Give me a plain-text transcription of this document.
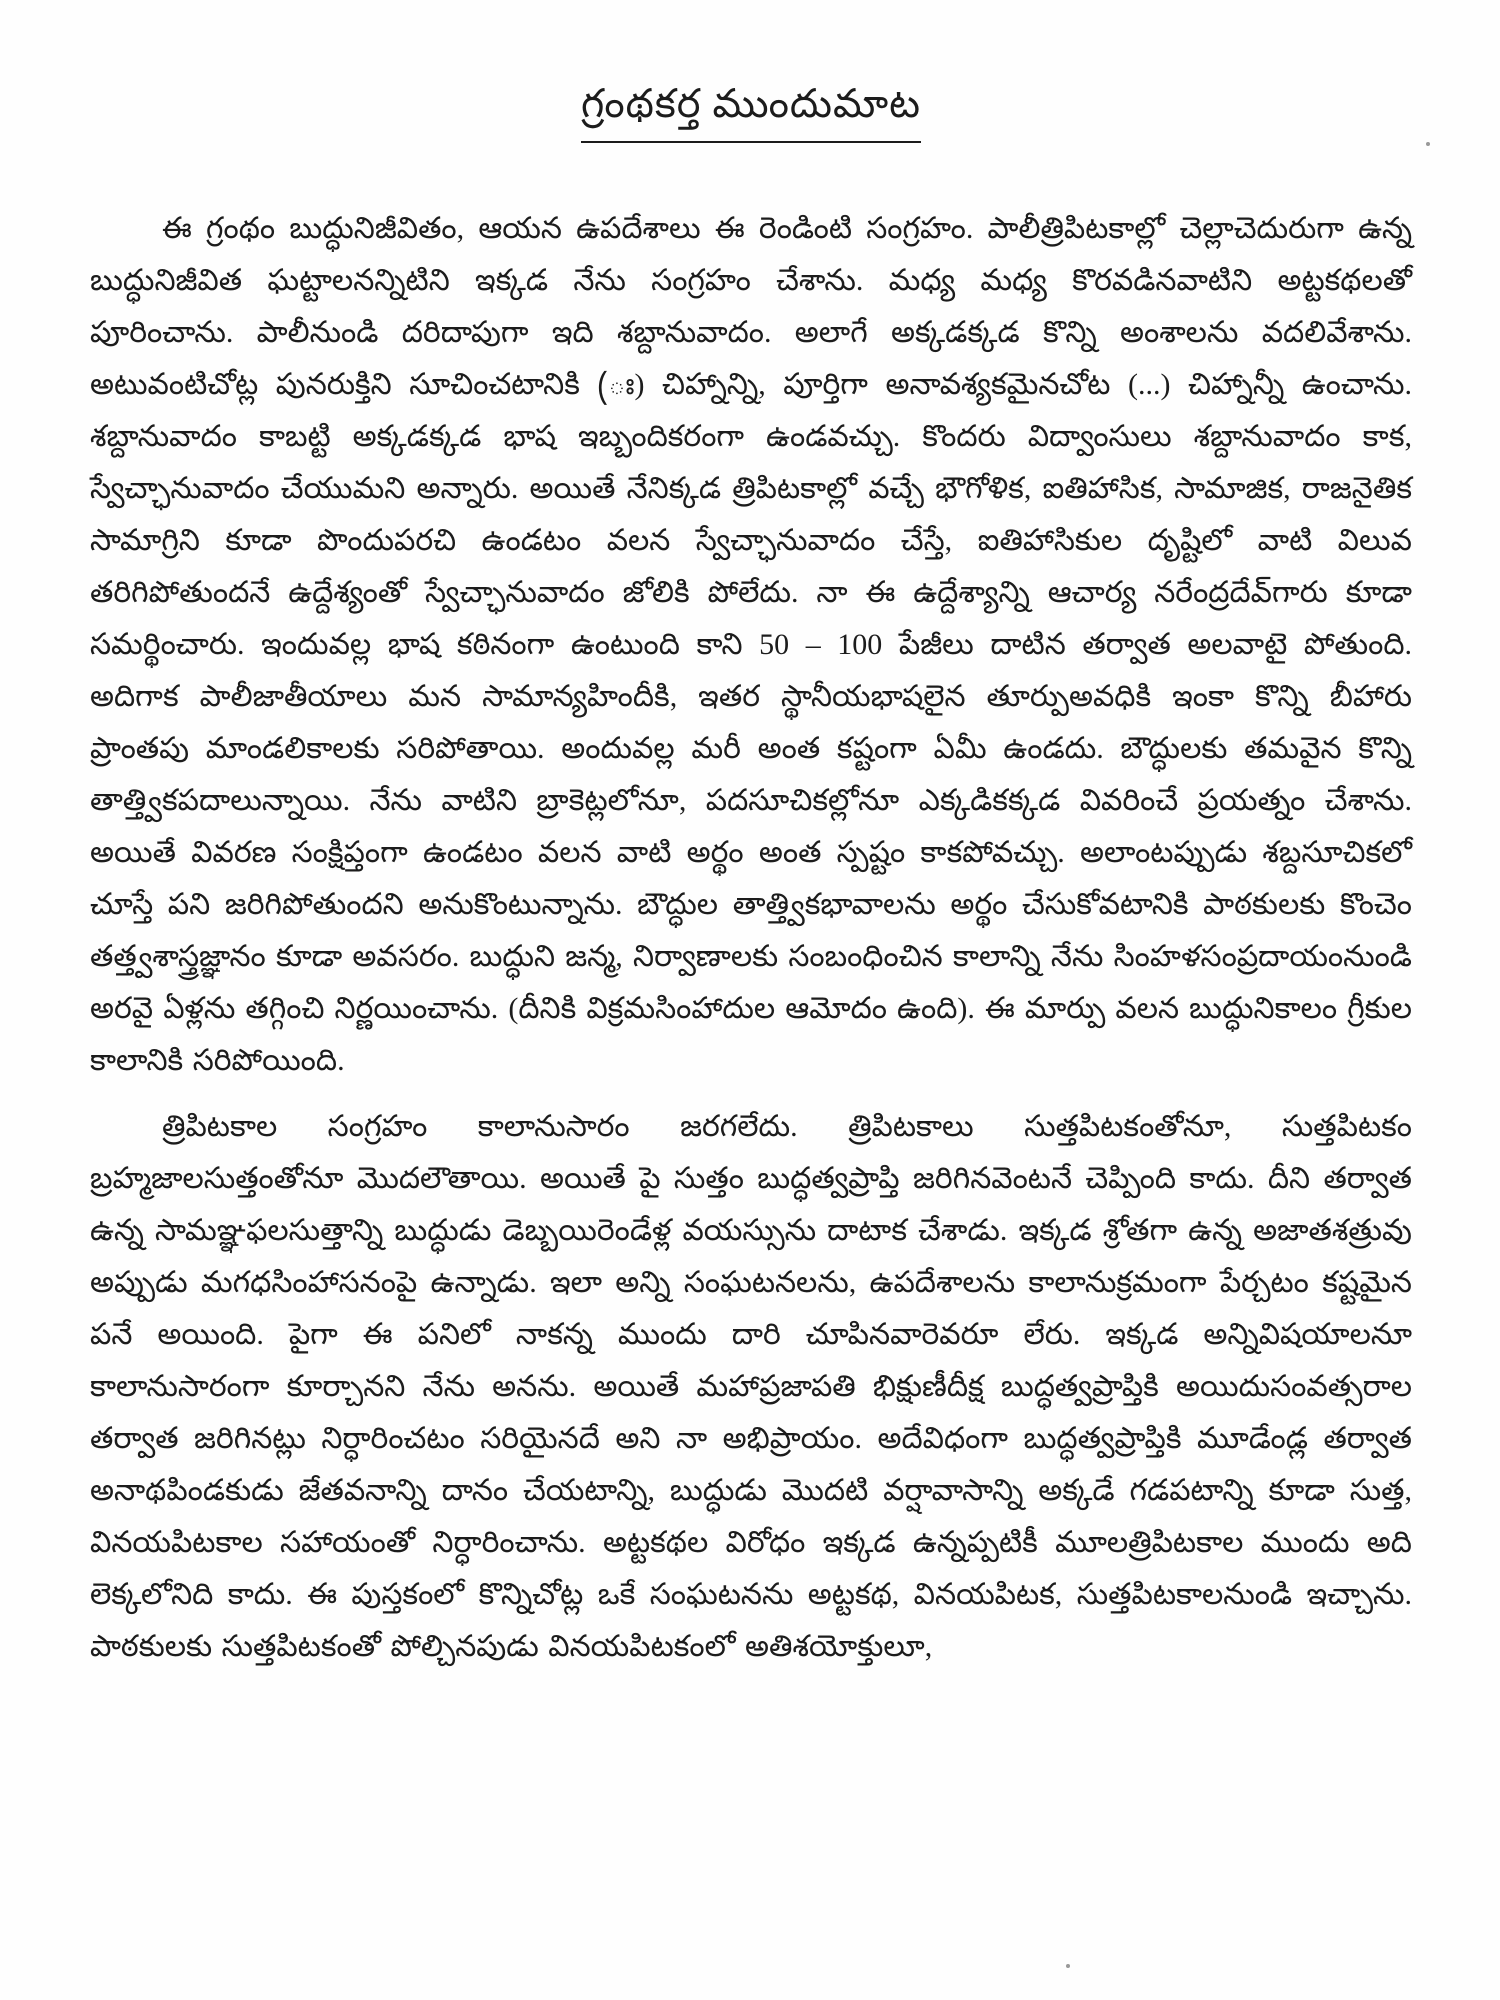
గ్రంథకర్త ముందుమాట

ఈ గ్రంథం బుద్ధునిజీవితం, ఆయన ఉపదేశాలు ఈ రెండింటి సంగ్రహం. పాలీత్రిపిటకాల్లో చెల్లాచెదురుగా ఉన్న బుద్ధునిజీవిత ఘట్టాలనన్నిటిని ఇక్కడ నేను సంగ్రహం చేశాను. మధ్య మధ్య కొరవడినవాటిని అట్టకథలతో పూరించాను. పాలీనుండి దరిదాపుగా ఇది శబ్దానువాదం. అలాగే అక్కడక్కడ కొన్ని అంశాలను వదలివేశాను. అటువంటిచోట్ల పునరుక్తిని సూచించటానికి (ః) చిహ్నాన్ని, పూర్తిగా అనావశ్యకమైనచోట (...) చిహ్నాన్నీ ఉంచాను. శబ్దానువాదం కాబట్టి అక్కడక్కడ భాష ఇబ్బందికరంగా ఉండవచ్చు. కొందరు విద్వాంసులు శబ్దానువాదం కాక, స్వేచ్ఛానువాదం చేయుమని అన్నారు. అయితే నేనిక్కడ త్రిపిటకాల్లో వచ్చే భౌగోళిక, ఐతిహాసిక, సామాజిక, రాజనైతిక సామాగ్రిని కూడా పొందుపరచి ఉండటం వలన స్వేచ్ఛానువాదం చేస్తే, ఐతిహాసికుల దృష్టిలో వాటి విలువ తరిగిపోతుందనే ఉద్దేశ్యంతో స్వేచ్ఛానువాదం జోలికి పోలేదు. నా ఈ ఉద్దేశ్యాన్ని ఆచార్య నరేంద్రదేవ్‌గారు కూడా సమర్థించారు. ఇందువల్ల భాష కఠినంగా ఉంటుంది కాని 50 – 100 పేజీలు దాటిన తర్వాత అలవాటై పోతుంది. అదిగాక పాలీజాతీయాలు మన సామాన్యహిందీకి, ఇతర స్థానీయభాషలైన తూర్పుఅవధికి ఇంకా కొన్ని బీహారు ప్రాంతపు మాండలికాలకు సరిపోతాయి. అందువల్ల మరీ అంత కష్టంగా ఏమీ ఉండదు. బౌద్ధులకు తమవైన కొన్ని తాత్త్వికపదాలున్నాయి. నేను వాటిని బ్రాకెట్లలోనూ, పదసూచికల్లోనూ ఎక్కడికక్కడ వివరించే ప్రయత్నం చేశాను. అయితే వివరణ సంక్షిప్తంగా ఉండటం వలన వాటి అర్థం అంత స్పష్టం కాకపోవచ్చు. అలాంటప్పుడు శబ్దసూచికలో చూస్తే పని జరిగిపోతుందని అనుకొంటున్నాను. బౌద్ధుల తాత్త్వికభావాలను అర్థం చేసుకోవటానికి పాఠకులకు కొంచెం తత్త్వశాస్త్రజ్ఞానం కూడా అవసరం. బుద్ధుని జన్మ, నిర్వాణాలకు సంబంధించిన కాలాన్ని నేను సింహళసంప్రదాయంనుండి అరవై ఏళ్లను తగ్గించి నిర్ణయించాను. (దీనికి విక్రమసింహాదుల ఆమోదం ఉంది). ఈ మార్పు వలన బుద్ధునికాలం గ్రీకుల కాలానికి సరిపోయింది.

త్రిపిటకాల సంగ్రహం కాలానుసారం జరగలేదు. త్రిపిటకాలు సుత్తపిటకంతోనూ, సుత్తపిటకం బ్రహ్మజాలసుత్తంతోనూ మొదలౌతాయి. అయితే పై సుత్తం బుద్ధత్వప్రాప్తి జరిగినవెంటనే చెప్పింది కాదు. దీని తర్వాత ఉన్న సామఞ్ఞఫలసుత్తాన్ని బుద్ధుడు డెబ్బయిరెండేళ్ల వయస్సును దాటాక చేశాడు. ఇక్కడ శ్రోతగా ఉన్న అజాతశత్రువు అప్పుడు మగధసింహాసనంపై ఉన్నాడు. ఇలా అన్ని సంఘటనలను, ఉపదేశాలను కాలానుక్రమంగా పేర్చటం కష్టమైన పనే అయింది. పైగా ఈ పనిలో నాకన్న ముందు దారి చూపినవారెవరూ లేరు. ఇక్కడ అన్నివిషయాలనూ కాలానుసారంగా కూర్చానని నేను అనను. అయితే మహాప్రజాపతి భిక్షుణీదీక్ష బుద్ధత్వప్రాప్తికి అయిదుసంవత్సరాల తర్వాత జరిగినట్లు నిర్ధారించటం సరియైనదే అని నా అభిప్రాయం. అదేవిధంగా బుద్ధత్వప్రాప్తికి మూడేండ్ల తర్వాత అనాథపిండకుడు జేతవనాన్ని దానం చేయటాన్ని, బుద్ధుడు మొదటి వర్షావాసాన్ని అక్కడే గడపటాన్ని కూడా సుత్త, వినయపిటకాల సహాయంతో నిర్ధారించాను. అట్టకథల విరోధం ఇక్కడ ఉన్నప్పటికీ మూలత్రిపిటకాల ముందు అది లెక్కలోనిది కాదు. ఈ పుస్తకంలో కొన్నిచోట్ల ఒకే సంఘటనను అట్టకథ, వినయపిటక, సుత్తపిటకాలనుండి ఇచ్చాను. పాఠకులకు సుత్తపిటకంతో పోల్చినపుడు వినయపిటకంలో అతిశయోక్తులూ,
